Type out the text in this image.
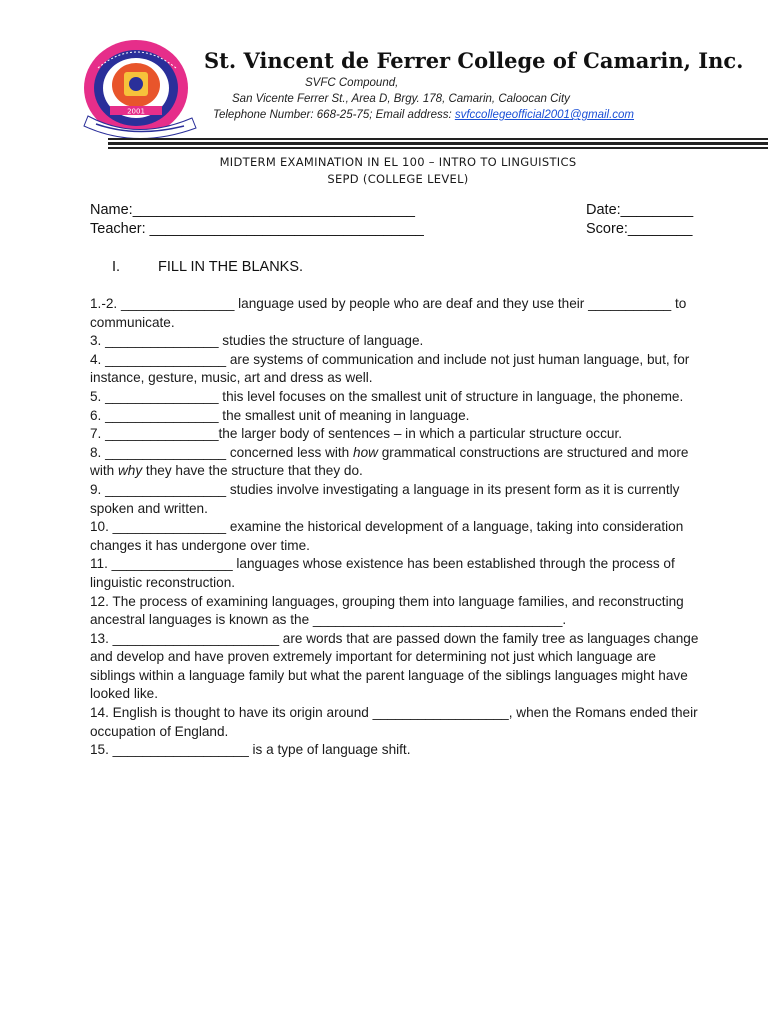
2001
St. Vincent de Ferrer College of Camarin, Inc.
SVFC Compound,
San Vicente Ferrer St., Area D, Brgy. 178, Camarin, Caloocan City
Telephone Number: 668-25-75; Email address: svfccollegeofficial2001@gmail.com
MIDTERM EXAMINATION IN EL 100 – INTRO TO LINGUISTICS
SEPD (COLLEGE LEVEL)
Name:___________________________________
Teacher: __________________________________
Date:_________
Score:________
I.	FILL IN THE BLANKS.

1.-2. _______________ language used by people who are deaf and they use their ___________ to communicate.

3. _______________ studies the structure of language.

4. ________________ are systems of communication and include not just human language, but, for instance, gesture, music, art and dress as well.

5. _______________ this level focuses on the smallest unit of structure in language, the phoneme.

6. _______________ the smallest unit of meaning in language.

7. _______________the larger body of sentences – in which a particular structure occur.

8. ________________ concerned less with how grammatical constructions are structured and more with why they have the structure that they do.

9. ________________ studies involve investigating a language in its present form as it is currently spoken and written.

10. _______________ examine the historical development of a language, taking into consideration changes it has undergone over time.

11. ________________ languages whose existence has been established through the process of linguistic reconstruction.

12. The process of examining languages, grouping them into language families, and reconstructing ancestral languages is known as the _________________________________.

13. ______________________ are words that are passed down the family tree as languages change and develop and have proven extremely important for determining not just which language are siblings within a language family but what the parent language of the siblings languages might have looked like.

14. English is thought to have its origin around __________________, when the Romans ended their occupation of England.

15. __________________ is a type of language shift.
